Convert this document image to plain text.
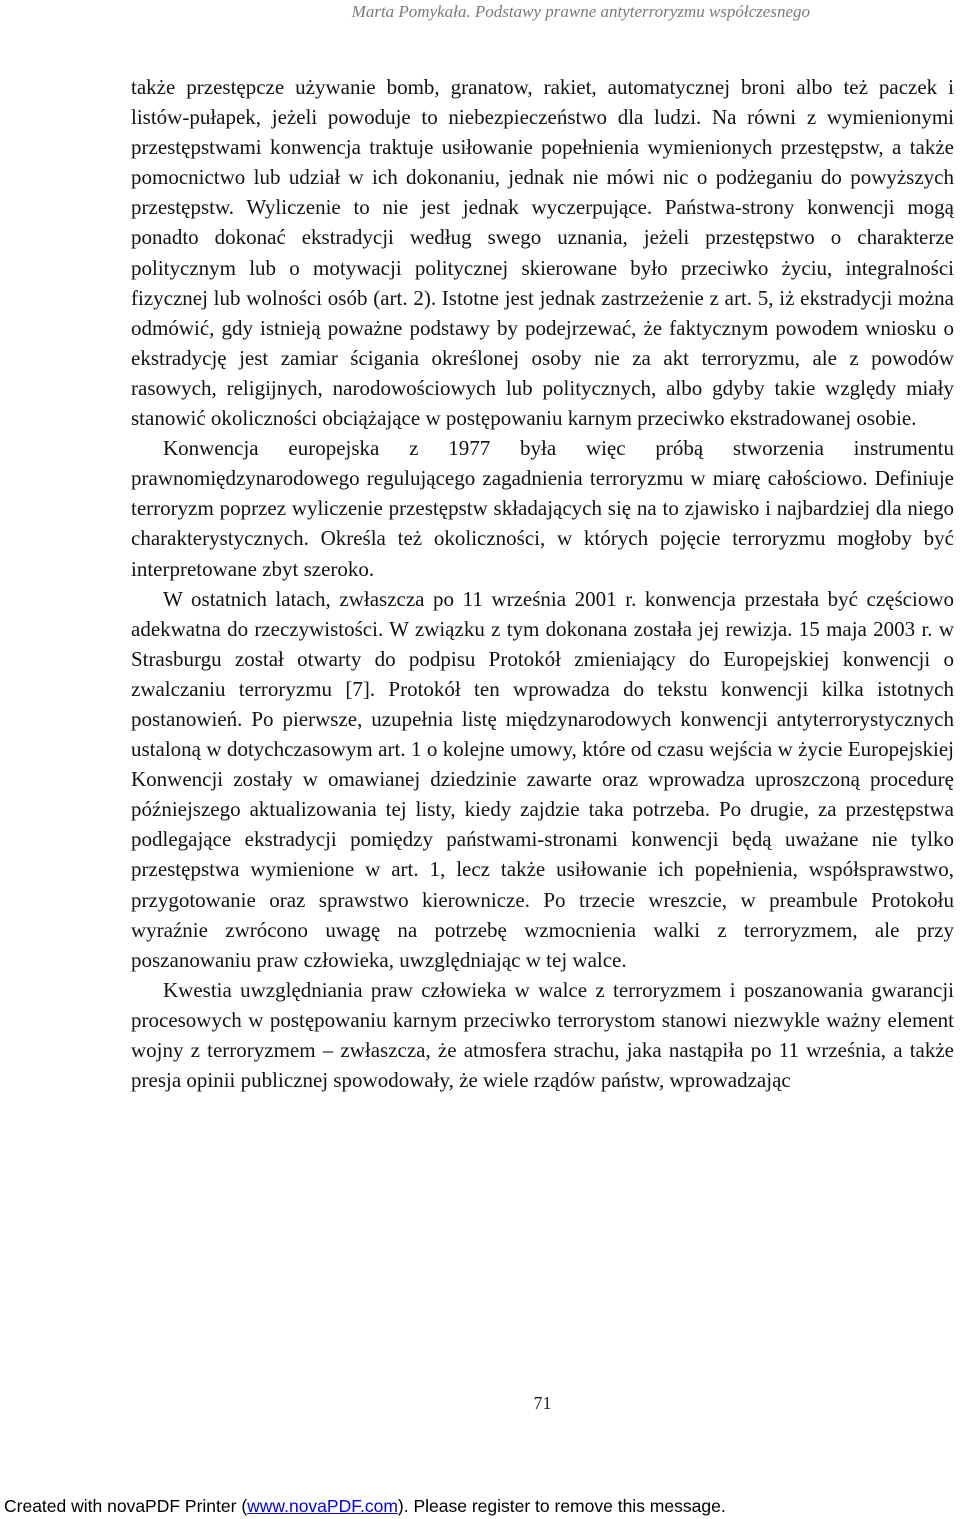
Marta Pomykała. Podstawy prawne antyterroryzmu współczesnego

także przestępcze używanie bomb, granatow, rakiet, automatycznej broni albo też paczek i listów-pułapek, jeżeli powoduje to niebezpieczeństwo dla ludzi. Na równi z wymienionymi przestępstwami konwencja traktuje usiłowanie popełnienia wymienionych przestępstw, a także pomocnictwo lub udział w ich dokonaniu, jednak nie mówi nic o podżeganiu do powyższych przestępstw. Wyliczenie to nie jest jednak wyczerpujące. Państwa-strony konwencji mogą ponadto dokonać ekstradycji według swego uznania, jeżeli przestępstwo o charakterze politycznym lub o motywacji politycznej skierowane było przeciwko życiu, integralności fizycznej lub wolności osób (art. 2). Istotne jest jednak zastrzeżenie z art. 5, iż ekstradycji można odmówić, gdy istnieją poważne podstawy by podejrzewać, że faktycznym powodem wniosku o ekstradycję jest zamiar ścigania określonej osoby nie za akt terroryzmu, ale z powodów rasowych, religijnych, narodowościowych lub politycznych, albo gdyby takie względy miały stanowić okoliczności obciążające w postępowaniu karnym przeciwko ekstradowanej osobie.

Konwencja europejska z 1977 była więc próbą stworzenia instrumentu prawnomiędzynarodowego regulującego zagadnienia terroryzmu w miarę całościowo. Definiuje terroryzm poprzez wyliczenie przestępstw składających się na to zjawisko i najbardziej dla niego charakterystycznych. Określa też okoliczności, w których pojęcie terroryzmu mogłoby być interpretowane zbyt szeroko.

W ostatnich latach, zwłaszcza po 11 września 2001 r. konwencja przestała być częściowo adekwatna do rzeczywistości. W związku z tym dokonana została jej rewizja. 15 maja 2003 r. w Strasburgu został otwarty do podpisu Protokół zmieniający do Europejskiej konwencji o zwalczaniu terroryzmu [7]. Protokół ten wprowadza do tekstu konwencji kilka istotnych postanowień. Po pierwsze, uzupełnia listę międzynarodowych konwencji antyterrorystycznych ustaloną w dotychczasowym art. 1 o kolejne umowy, które od czasu wejścia w życie Europejskiej Konwencji zostały w omawianej dziedzinie zawarte oraz wprowadza uproszczoną procedurę późniejszego aktualizowania tej listy, kiedy zajdzie taka potrzeba. Po drugie, za przestępstwa podlegające ekstradycji pomiędzy państwami-stronami konwencji będą uważane nie tylko przestępstwa wymienione w art. 1, lecz także usiłowanie ich popełnienia, współsprawstwo, przygotowanie oraz sprawstwo kierownicze. Po trzecie wreszcie, w preambule Protokołu wyraźnie zwrócono uwagę na potrzebę wzmocnienia walki z terroryzmem, ale przy poszanowaniu praw człowieka, uwzględniając w tej walce.

Kwestia uwzględniania praw człowieka w walce z terroryzmem i poszanowania gwarancji procesowych w postępowaniu karnym przeciwko terrorystom stanowi niezwykle ważny element wojny z terroryzmem – zwłaszcza, że atmosfera strachu, jaka nastąpiła po 11 września, a także presja opinii publicznej spowodowały, że wiele rządów państw, wprowadzając

71
Created with novaPDF Printer (www.novaPDF.com). Please register to remove this message.
